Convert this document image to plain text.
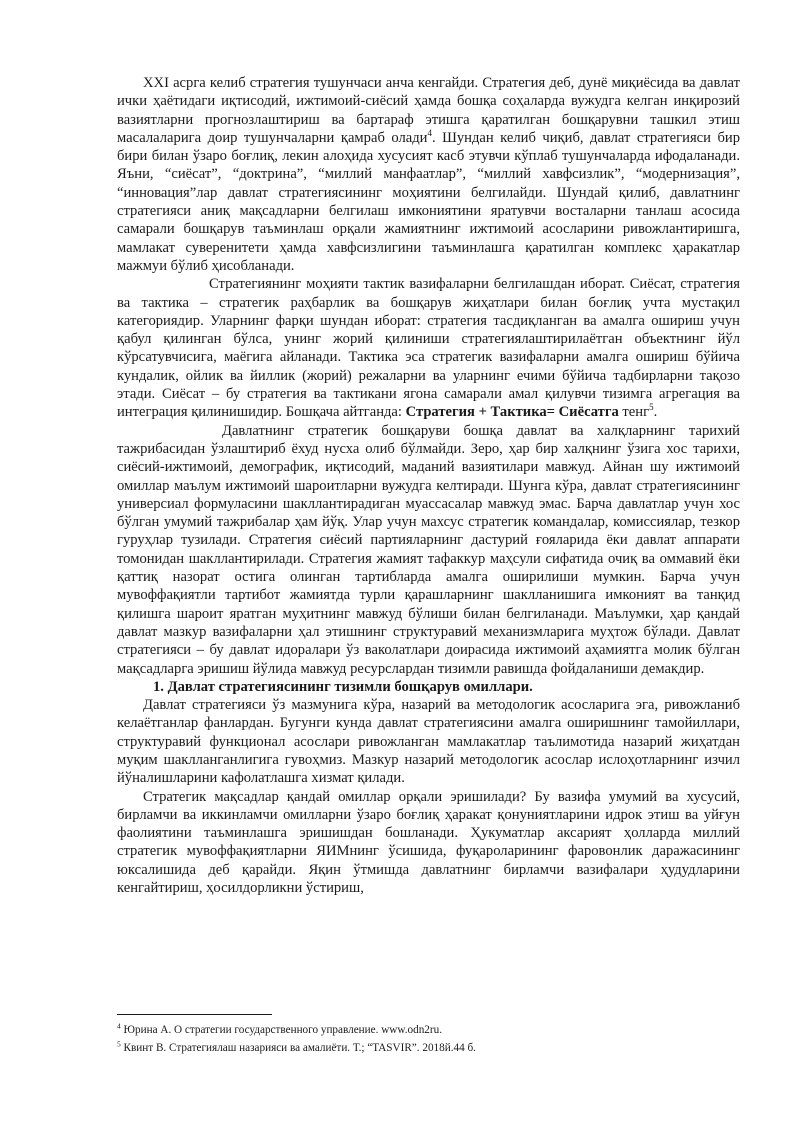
XXI асрга келиб стратегия тушунчаси анча кенгайди. Стратегия деб, дунё миқиёсида ва давлат ички ҳаётидаги иқтисодий, ижтимоий-сиёсий ҳамда бошқа соҳаларда вужудга келган инқирозий вазиятларни прогнозлаштириш ва бартараф этишга қаратилган бошқарувни ташкил этиш масалаларига доир тушунчаларни қамраб олади$^4$. Шундан келиб чиқиб, давлат стратегияси бир бири билан ўзаро боғлиқ, лекин алоҳида хусусият касб этувчи кўплаб тушунчаларда ифодаланади. Яъни, “сиёсат”, “доктрина”, “миллий манфаатлар”, “миллий хавфсизлик”, “модернизация”, “инновация”лар давлат стратегиясининг моҳиятини белгилайди. Шундай қилиб, давлатнинг стратегияси аниқ мақсадларни белгилаш имкониятини яратувчи восталарни танлаш асосида самарали бошқарув таъминлаш орқали жамиятнинг ижтимоий асосларини ривожлантиришга, мамлакат суверенитети ҳамда хавфсизлигини таъминлашга қаратилган комплекс ҳаракатлар мажмуи бўлиб ҳисобланади.

Стратегиянинг моҳияти тактик вазифаларни белгилашдан иборат. Сиёсат, стратегия ва тактика – стратегик раҳбарлик ва бошқарув жиҳатлари билан боғлиқ учта мустақил категориядир. Уларнинг фарқи шундан иборат: стратегия тасдиқланган ва амалга ошириш учун қабул қилинган бўлса, унинг жорий қилиниши стратегиялаштирилаётган объектнинг йўл кўрсатувчисига, маёгига айланади. Тактика эса стратегик вазифаларни амалга ошириш бўйича кундалик, ойлик ва йиллик (жорий) режаларни ва уларнинг ечими бўйича тадбирларни тақозо этади. Сиёсат – бу стратегия ва тактикани ягона самарали амал қилувчи тизимга агрегация ва интеграция қилинишидир. Бошқача айтганда: Стратегия + Тактика= Сиёсатга тенг$^5$.

Давлатнинг стратегик бошқаруви бошқа давлат ва халқларнинг тарихий тажрибасидан ўзлаштириб ёхуд нусха олиб бўлмайди. Зеро, ҳар бир халқнинг ўзига хос тарихи, сиёсий-ижтимоий, демографик, иқтисодий, маданий вазиятилари мавжуд. Айнан шу ижтимоий омиллар маълум ижтимоий шароитларни вужудга келтиради. Шунга кўра, давлат стратегиясининг универсиал формуласини шакллантирадиган муассасалар мавжуд эмас. Барча давлатлар учун хос бўлган умумий тажрибалар ҳам йўқ. Улар учун махсус стратегик командалар, комиссиялар, тезкор гуруҳлар тузилади. Стратегия сиёсий партияларнинг дастурий ғояларида ёки давлат аппарати томонидан шакллантирилади. Стратегия жамият тафаккур маҳсули сифатида очиқ ва оммавий ёки қаттиқ назорат остига олинган тартибларда амалга оширилиши мумкин. Барча учун мувоффақиятли тартибот жамиятда турли қарашларнинг шаклланишига имконият ва танқид қилишга шароит яратган муҳитнинг мавжуд бўлиши билан белгиланади. Маълумки, ҳар қандай давлат мазкур вазифаларни ҳал этишнинг структуравий механизмларига муҳтож бўлади. Давлат стратегияси – бу давлат идоралари ўз ваколатлари доирасида ижтимоий аҳамиятга молик бўлган мақсадларга эришиш йўлида мавжуд ресурслардан тизимли равишда фойдаланиши демакдир.

1. Давлат стратегиясининг тизимли бошқарув омиллари.

Давлат стратегияси ўз мазмунига кўра, назарий ва методологик асосларига эга, ривожланиб келаётганлар фанлардан. Бугунги кунда давлат стратегиясини амалга оширишнинг тамойиллари, структуравий функционал асослари ривожланган мамлакатлар таълимотида назарий жиҳатдан муқим шаклланганлигига гувоҳмиз. Мазкур назарий методологик асослар ислоҳотларнинг изчил йўналишларини кафолатлашга хизмат қилади.

Стратегик мақсадлар қандай омиллар орқали эришилади? Бу вазифа умумий ва хусусий, бирламчи ва иккинламчи омилларни ўзаро боғлиқ ҳаракат қонуниятларини идрок этиш ва уйғун фаолиятини таъминлашга эришишдан бошланади. Ҳукуматлар аксарият ҳолларда миллий стратегик мувоффақиятларни ЯИМнинг ўсишида, фуқароларининг фаровонлик даражасининг юксалишида деб қарайди. Яқин ўтмишда давлатнинг бирламчи вазифалари ҳудудларини кенгайтириш, ҳосилдорликни ўстириш,

$^4$ Юрина А. О стратегии государственного управление. www.odn2ru.
$^5$ Квинт В. Стратегиялаш назарияси ва амалиёти. Т.; “TASVIR”. 2018й.44 б.
